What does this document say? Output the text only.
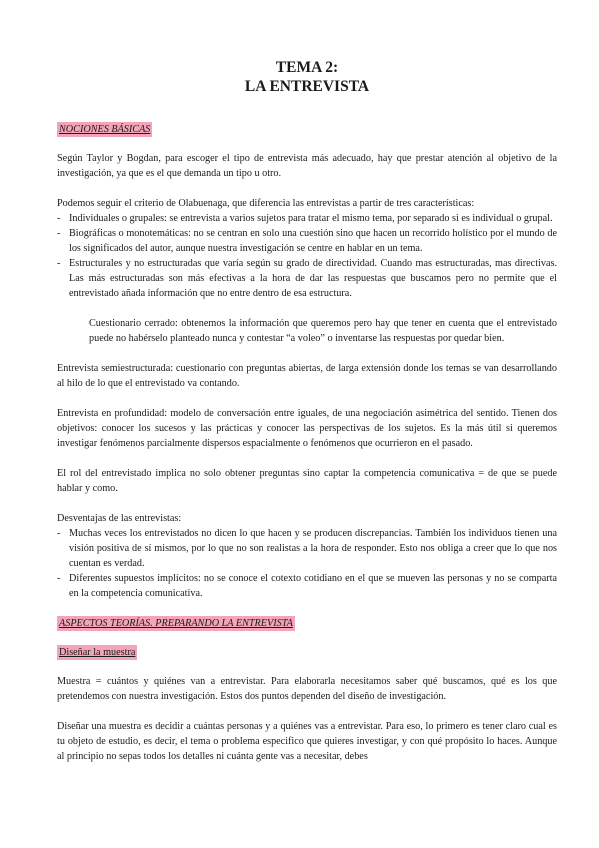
TEMA 2:
LA ENTREVISTA
NOCIONES BÁSICAS

Según Taylor y Bogdan, para escoger el tipo de entrevista más adecuado, hay que prestar atención al objetivo de la investigación, ya que es el que demanda un tipo u otro.

Podemos seguir el criterio de Olabuenaga, que diferencia las entrevistas a partir de tres características:

- Individuales o grupales: se entrevista a varios sujetos para tratar el mismo tema, por separado si es individual o grupal.
- Biográficas o monotemáticas: no se centran en solo una cuestión sino que hacen un recorrido holístico por el mundo de los significados del autor, aunque nuestra investigación se centre en hablar en un tema.
- Estructurales y no estructuradas que varía según su grado de directividad. Cuando mas estructuradas, mas directivas. Las más estructuradas son más efectivas a la hora de dar las respuestas que buscamos pero no permite que el entrevistado añada información que no entre dentro de esa estructura.

Cuestionario cerrado: obtenemos la información que queremos pero hay que tener en cuenta que el entrevistado puede no habérselo planteado nunca y contestar “a voleo” o inventarse las respuestas por quedar bien.

Entrevista semiestructurada: cuestionario con preguntas abiertas, de larga extensión donde los temas se van desarrollando al hilo de lo que el entrevistado va contando.

Entrevista en profundidad: modelo de conversación entre iguales, de una negociación asimétrica del sentido. Tienen dos objetivos: conocer los sucesos y las prácticas y conocer las perspectivas de los sujetos. Es la más útil si queremos investigar fenómenos parcialmente dispersos espacialmente o fenómenos que ocurrieron en el pasado.

El rol del entrevistado implica no solo obtener preguntas sino captar la competencia comunicativa = de que se puede hablar y como.

Desventajas de las entrevistas:

- Muchas veces los entrevistados no dicen lo que hacen y se producen discrepancias. También los individuos tienen una visión positiva de sí mismos, por lo que no son realistas a la hora de responder. Esto nos obliga a creer que lo que nos cuentan es verdad.
- Diferentes supuestos implícitos: no se conoce el cotexto cotidiano en el que se mueven las personas y no se comparta en la competencia comunicativa.
ASPECTOS TEORÍAS. PREPARANDO LA ENTREVISTA
Diseñar la muestra

Muestra = cuántos y quiénes van a entrevistar. Para elaborarla necesitamos saber qué buscamos, qué es los que pretendemos con nuestra investigación. Estos dos puntos dependen del diseño de investigación.

Diseñar una muestra es decidir a cuántas personas y a quiénes vas a entrevistar. Para eso, lo primero es tener claro cual es tu objeto de estudio, es decir, el tema o problema especifico que quieres investigar, y con qué propósito lo haces. Aunque al principio no sepas todos los detalles ni cuánta gente vas a necesitar, debes
